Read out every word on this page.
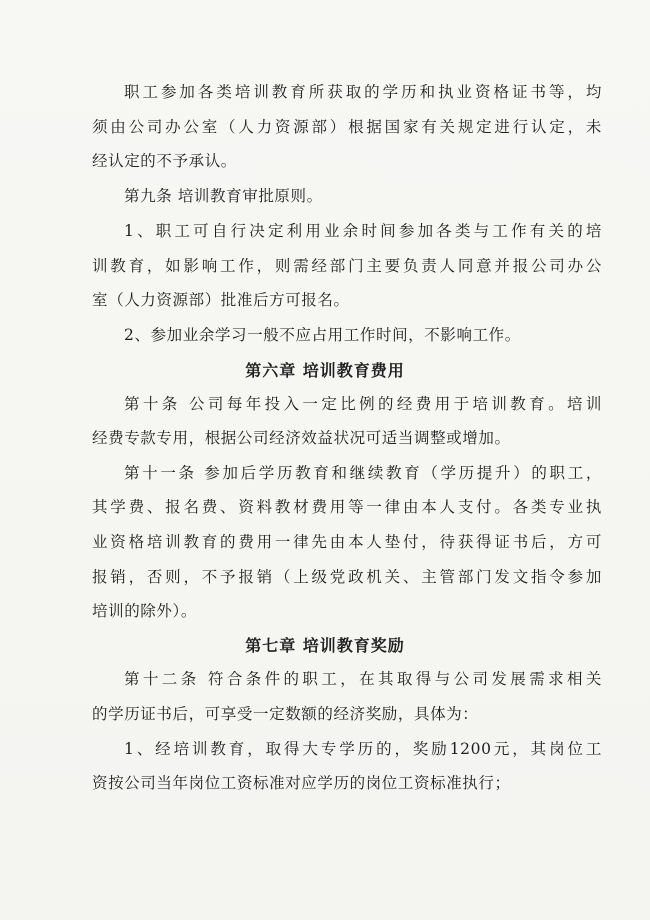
职工参加各类培训教育所获取的学历和执业资格证书等，均
须由公司办公室（人力资源部）根据国家有关规定进行认定，未
经认定的不予承认。
第九条 培训教育审批原则。
1、职工可自行决定利用业余时间参加各类与工作有关的培
训教育，如影响工作，则需经部门主要负责人同意并报公司办公
室（人力资源部）批准后方可报名。
2、参加业余学习一般不应占用工作时间，不影响工作。
第六章 培训教育费用
第十条 公司每年投入一定比例的经费用于培训教育。培训
经费专款专用，根据公司经济效益状况可适当调整或增加。
第十一条 参加后学历教育和继续教育（学历提升）的职工，
其学费、报名费、资料教材费用等一律由本人支付。各类专业执
业资格培训教育的费用一律先由本人垫付，待获得证书后，方可
报销，否则，不予报销（上级党政机关、主管部门发文指令参加
培训的除外）。
第七章 培训教育奖励
第十二条 符合条件的职工，在其取得与公司发展需求相关
的学历证书后，可享受一定数额的经济奖励，具体为：
1、经培训教育，取得大专学历的，奖励1200元，其岗位工
资按公司当年岗位工资标准对应学历的岗位工资标准执行；
